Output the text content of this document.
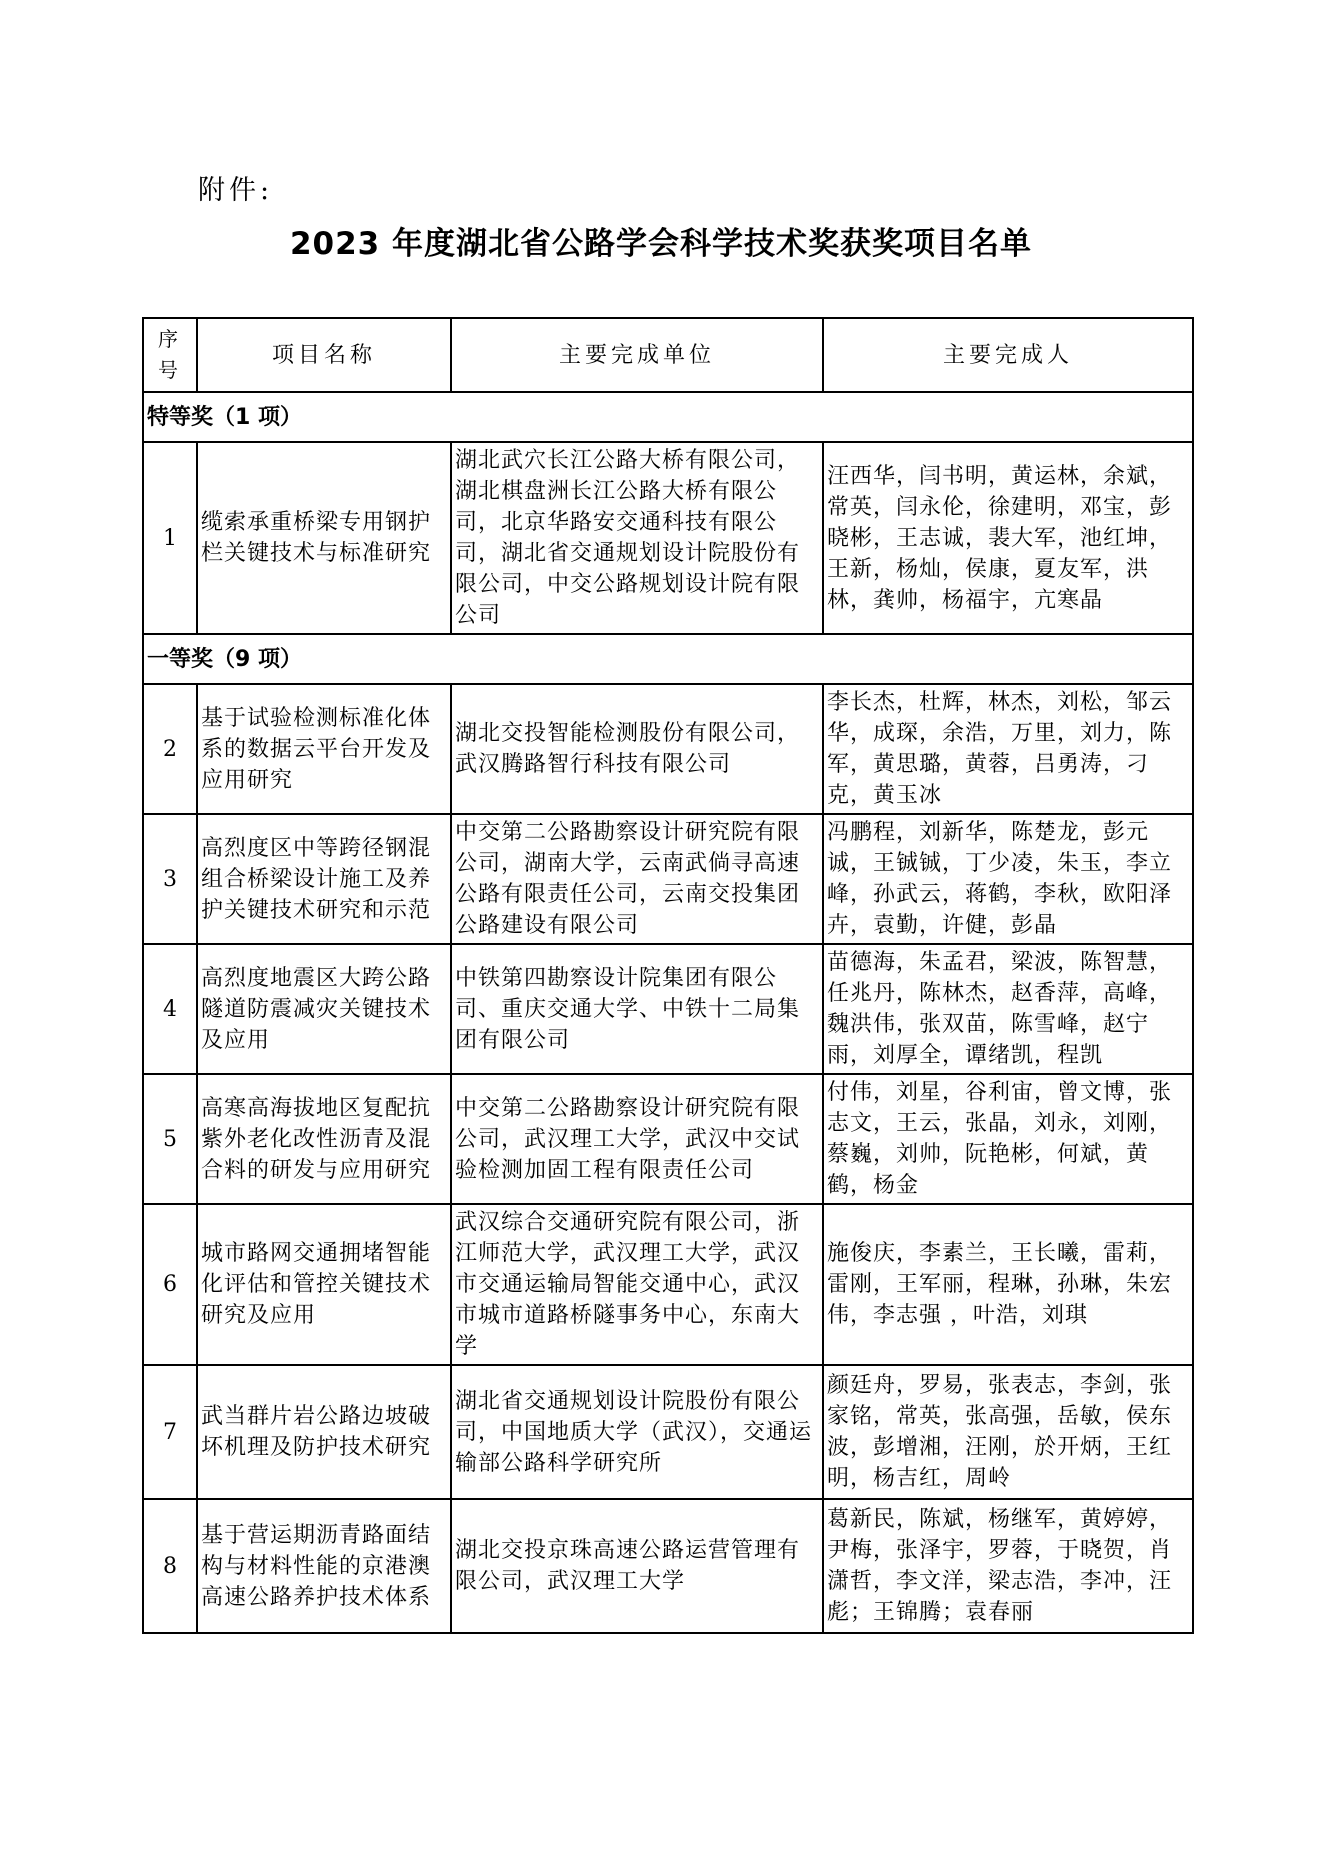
附件:
2023 年度湖北省公路学会科学技术奖获奖项目名单
序号	项目名称	主要完成单位	主要完成人
特等奖（1 项）			
1	缆索承重桥梁专用钢护栏关键技术与标准研究	湖北武穴长江公路大桥有限公司，湖北棋盘洲长江公路大桥有限公司，北京华路安交通科技有限公司，湖北省交通规划设计院股份有限公司，中交公路规划设计院有限公司	汪西华，闫书明，黄运林，余斌，常英，闫永伦，徐建明，邓宝，彭晓彬，王志诚，裴大军，池红坤，王新，杨灿，侯康，夏友军，洪林，龚帅，杨福宇，亢寒晶
一等奖（9 项）			
2	基于试验检测标准化体系的数据云平台开发及应用研究	湖北交投智能检测股份有限公司，武汉腾路智行科技有限公司	李长杰，杜辉，林杰，刘松，邹云华，成琛，余浩，万里，刘力，陈军，黄思璐，黄蓉，吕勇涛，刁克，黄玉冰
3	高烈度区中等跨径钢混组合桥梁设计施工及养护关键技术研究和示范	中交第二公路勘察设计研究院有限公司，湖南大学，云南武倘寻高速公路有限责任公司，云南交投集团公路建设有限公司	冯鹏程，刘新华，陈楚龙，彭元诚，王铖铖，丁少凌，朱玉，李立峰，孙武云，蒋鹤，李秋，欧阳泽卉，袁勤，许健，彭晶
4	高烈度地震区大跨公路隧道防震减灾关键技术及应用	中铁第四勘察设计院集团有限公司、重庆交通大学、中铁十二局集团有限公司	苗德海，朱孟君，梁波，陈智慧，任兆丹，陈林杰，赵香萍，高峰，魏洪伟，张双苗，陈雪峰，赵宁雨，刘厚全，谭绪凯，程凯
5	高寒高海拔地区复配抗紫外老化改性沥青及混合料的研发与应用研究	中交第二公路勘察设计研究院有限公司，武汉理工大学，武汉中交试验检测加固工程有限责任公司	付伟，刘星，谷利宙，曾文博，张志文，王云，张晶，刘永，刘刚，蔡巍，刘帅，阮艳彬，何斌，黄鹤，杨金
6	城市路网交通拥堵智能化评估和管控关键技术研究及应用	武汉综合交通研究院有限公司，浙江师范大学，武汉理工大学，武汉市交通运输局智能交通中心，武汉市城市道路桥隧事务中心，东南大学	施俊庆，李素兰，王长曦，雷莉，雷刚，王军丽，程琳，孙琳，朱宏伟，李志强 ，叶浩，刘琪
7	武当群片岩公路边坡破坏机理及防护技术研究	湖北省交通规划设计院股份有限公司，中国地质大学（武汉），交通运输部公路科学研究所	颜廷舟，罗易，张表志，李剑，张家铭，常英，张高强，岳敏，侯东波，彭增湘，汪刚，於开炳，王红明，杨吉红，周岭
8	基于营运期沥青路面结构与材料性能的京港澳高速公路养护技术体系	湖北交投京珠高速公路运营管理有限公司，武汉理工大学	葛新民，陈斌，杨继军，黄婷婷，尹梅，张泽宇，罗蓉，于晓贺，肖潇哲，李文洋，梁志浩，李冲，汪彪；王锦腾；袁春丽
